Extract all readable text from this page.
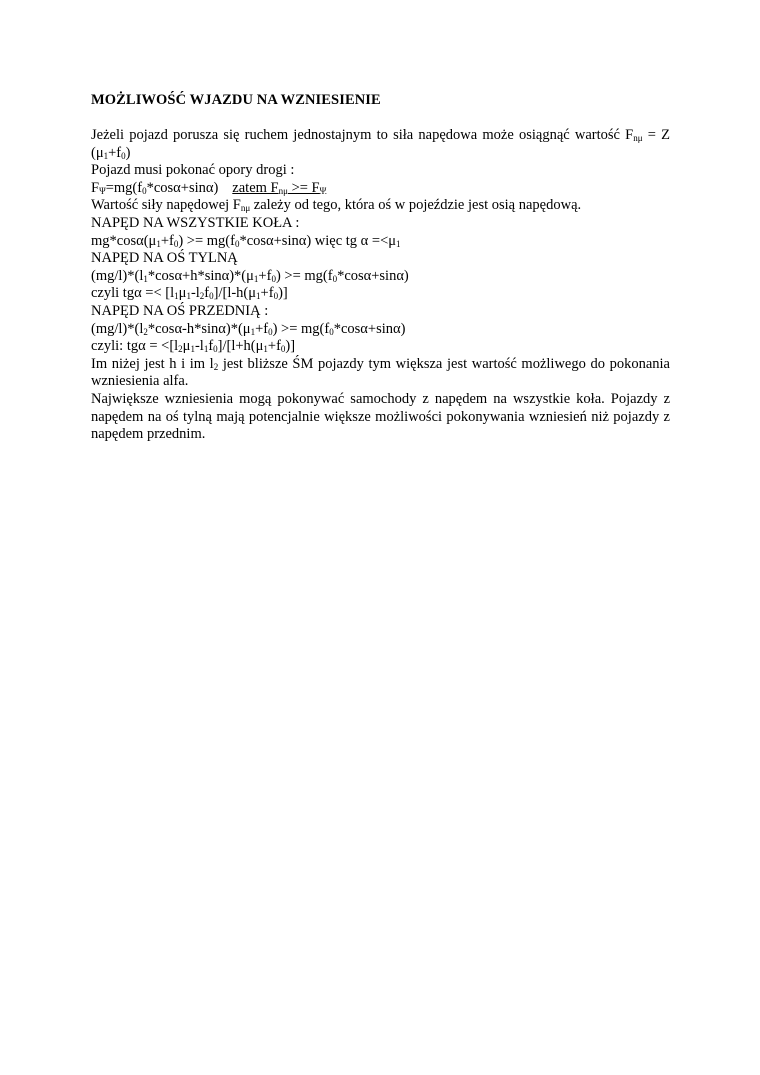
MOŻLIWOŚĆ WJAZDU NA WZNIESIENIE

Jeżeli pojazd porusza się ruchem jednostajnym to siła napędowa może osiągnąć wartość $F_{n\mu} = Z$ $(\mu_1+f_0)$

Pojazd musi pokonać opory drogi :

$F_\Psi=mg(f_0*\cos\alpha+\sin\alpha)$ zatem $F_{n\mu} >= F_\Psi$

Wartość siły napędowej $F_{n\mu}$ zależy od tego, która oś w pojeździe jest osią napędową.

NAPĘD NA WSZYSTKIE KOŁA :

$mg*\cos\alpha(\mu_1+f_0) >= mg(f_0*\cos\alpha+\sin\alpha)$ więc tg $\alpha =<\mu_1$

NAPĘD NA OŚ TYLNĄ

$(mg/l)*(l_1*\cos\alpha+h*\sin\alpha)*(\mu_1+f_0) >= mg(f_0*\cos\alpha+\sin\alpha)$

czyli $tg\alpha =< [l_1\mu_1-l_2f_0]/[l-h(\mu_1+f_0)]$

NAPĘD NA OŚ PRZEDNIĄ :

$(mg/l)*(l_2*\cos\alpha-h*\sin\alpha)*(\mu_1+f_0) >= mg(f_0*\cos\alpha+\sin\alpha)$

czyli: $tg\alpha = <[l_2\mu_1-l_1f_0]/[l+h(\mu_1+f_0)]$

Im niżej jest h i im $l_2$ jest bliższe ŚM pojazdy tym większa jest wartość możliwego do pokonania wzniesienia alfa.

Największe wzniesienia mogą pokonywać samochody z napędem na wszystkie koła. Pojazdy z napędem na oś tylną mają potencjalnie większe możliwości pokonywania wzniesień niż pojazdy z napędem przednim.
